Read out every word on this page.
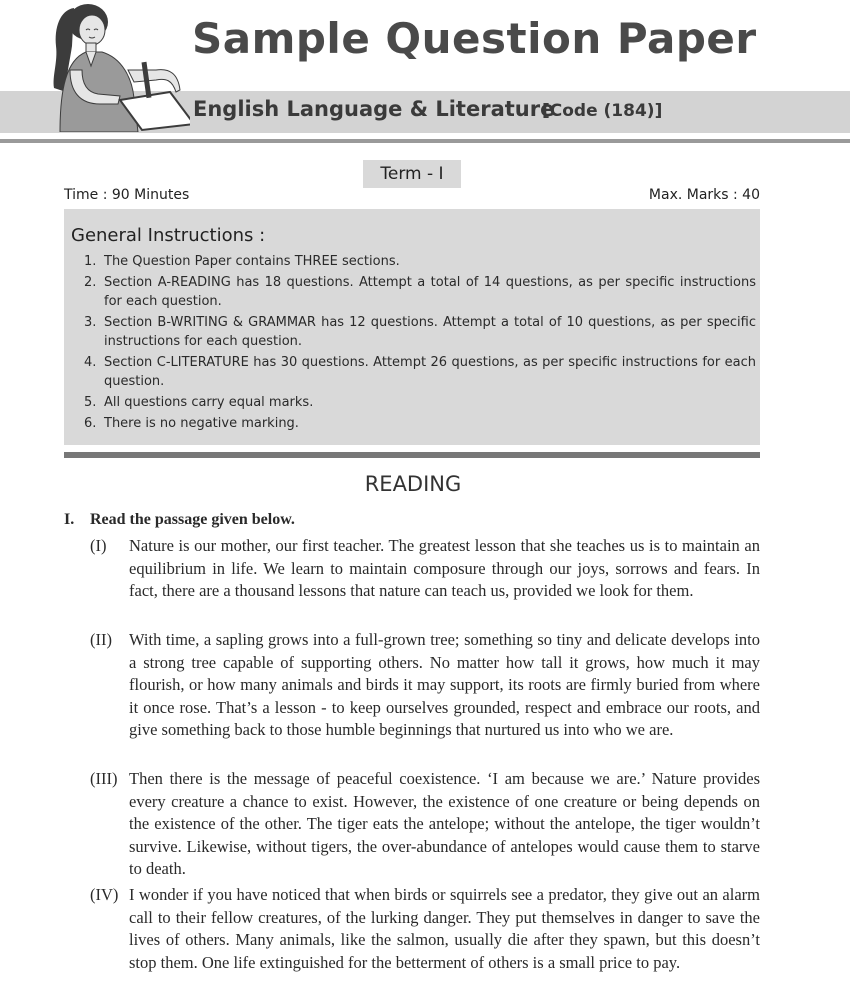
Sample Question Paper
English Language & Literature
[Code (184)]
Term - I
Time : 90 Minutes	Max. Marks : 40
General Instructions :
1. The Question Paper contains THREE sections.
2. Section A-READING has 18 questions. Attempt a total of 14 questions, as per specific instructions for each question.
3. Section B-WRITING & GRAMMAR has 12 questions. Attempt a total of 10 questions, as per specific instructions for each question.
4. Section C-LITERATURE has 30 questions. Attempt 26 questions, as per specific instructions for each question.
5. All questions carry equal marks.
6. There is no negative marking.
READING
I. Read the passage given below.
(I) Nature is our mother, our first teacher. The greatest lesson that she teaches us is to maintain an equilibrium in life. We learn to maintain composure through our joys, sorrows and fears. In fact, there are a thousand lessons that nature can teach us, provided we look for them.
(II) With time, a sapling grows into a full-grown tree; something so tiny and delicate develops into a strong tree capable of supporting others. No matter how tall it grows, how much it may flourish, or how many animals and birds it may support, its roots are firmly buried from where it once rose. That’s a lesson - to keep ourselves grounded, respect and embrace our roots, and give something back to those humble beginnings that nurtured us into who we are.
(III) Then there is the message of peaceful coexistence. ‘I am because we are.’ Nature provides every creature a chance to exist. However, the existence of one creature or being depends on the existence of the other. The tiger eats the antelope; without the antelope, the tiger wouldn’t survive. Likewise, without tigers, the over-abundance of antelopes would cause them to starve to death.
(IV) I wonder if you have noticed that when birds or squirrels see a predator, they give out an alarm call to their fellow creatures, of the lurking danger. They put themselves in danger to save the lives of others. Many animals, like the salmon, usually die after they spawn, but this doesn’t stop them. One life extinguished for the betterment of others is a small price to pay.
